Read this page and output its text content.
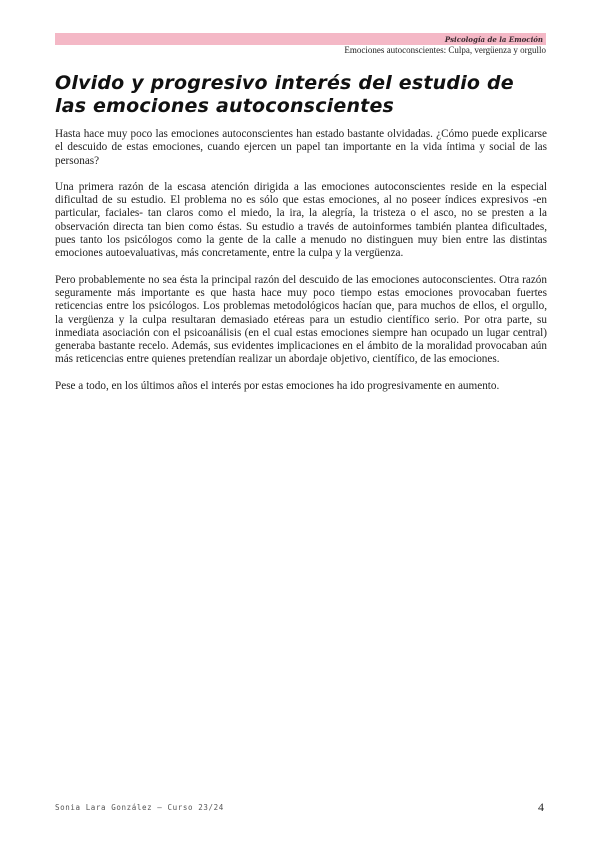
Psicología de la Emoción
Emociones autoconscientes: Culpa, vergüenza y orgullo
Olvido y progresivo interés del estudio de las emociones autoconscientes

Hasta hace muy poco las emociones autoconscientes han estado bastante olvidadas. ¿Cómo puede explicarse el descuido de estas emociones, cuando ejercen un papel tan importante en la vida íntima y social de las personas?

Una primera razón de la escasa atención dirigida a las emociones autoconscientes reside en la especial dificultad de su estudio. El problema no es sólo que estas emociones, al no poseer índices expresivos -en particular, faciales- tan claros como el miedo, la ira, la alegría, la tristeza o el asco, no se presten a la observación directa tan bien como éstas. Su estudio a través de autoinformes también plantea dificultades, pues tanto los psicólogos como la gente de la calle a menudo no distinguen muy bien entre las distintas emociones autoevaluativas, más concretamente, entre la culpa y la vergüenza.

Pero probablemente no sea ésta la principal razón del descuido de las emociones autoconscientes. Otra razón seguramente más importante es que hasta hace muy poco tiempo estas emociones provocaban fuertes reticencias entre los psicólogos. Los problemas metodológicos hacían que, para muchos de ellos, el orgullo, la vergüenza y la culpa resultaran demasiado etéreas para un estudio científico serio. Por otra parte, su inmediata asociación con el psicoanálisis (en el cual estas emociones siempre han ocupado un lugar central) generaba bastante recelo. Además, sus evidentes implicaciones en el ámbito de la moralidad provocaban aún más reticencias entre quienes pretendían realizar un abordaje objetivo, científico, de las emociones.

Pese a todo, en los últimos años el interés por estas emociones ha ido progresivamente en aumento.

Sonia Lara González – Curso 23/24	4
